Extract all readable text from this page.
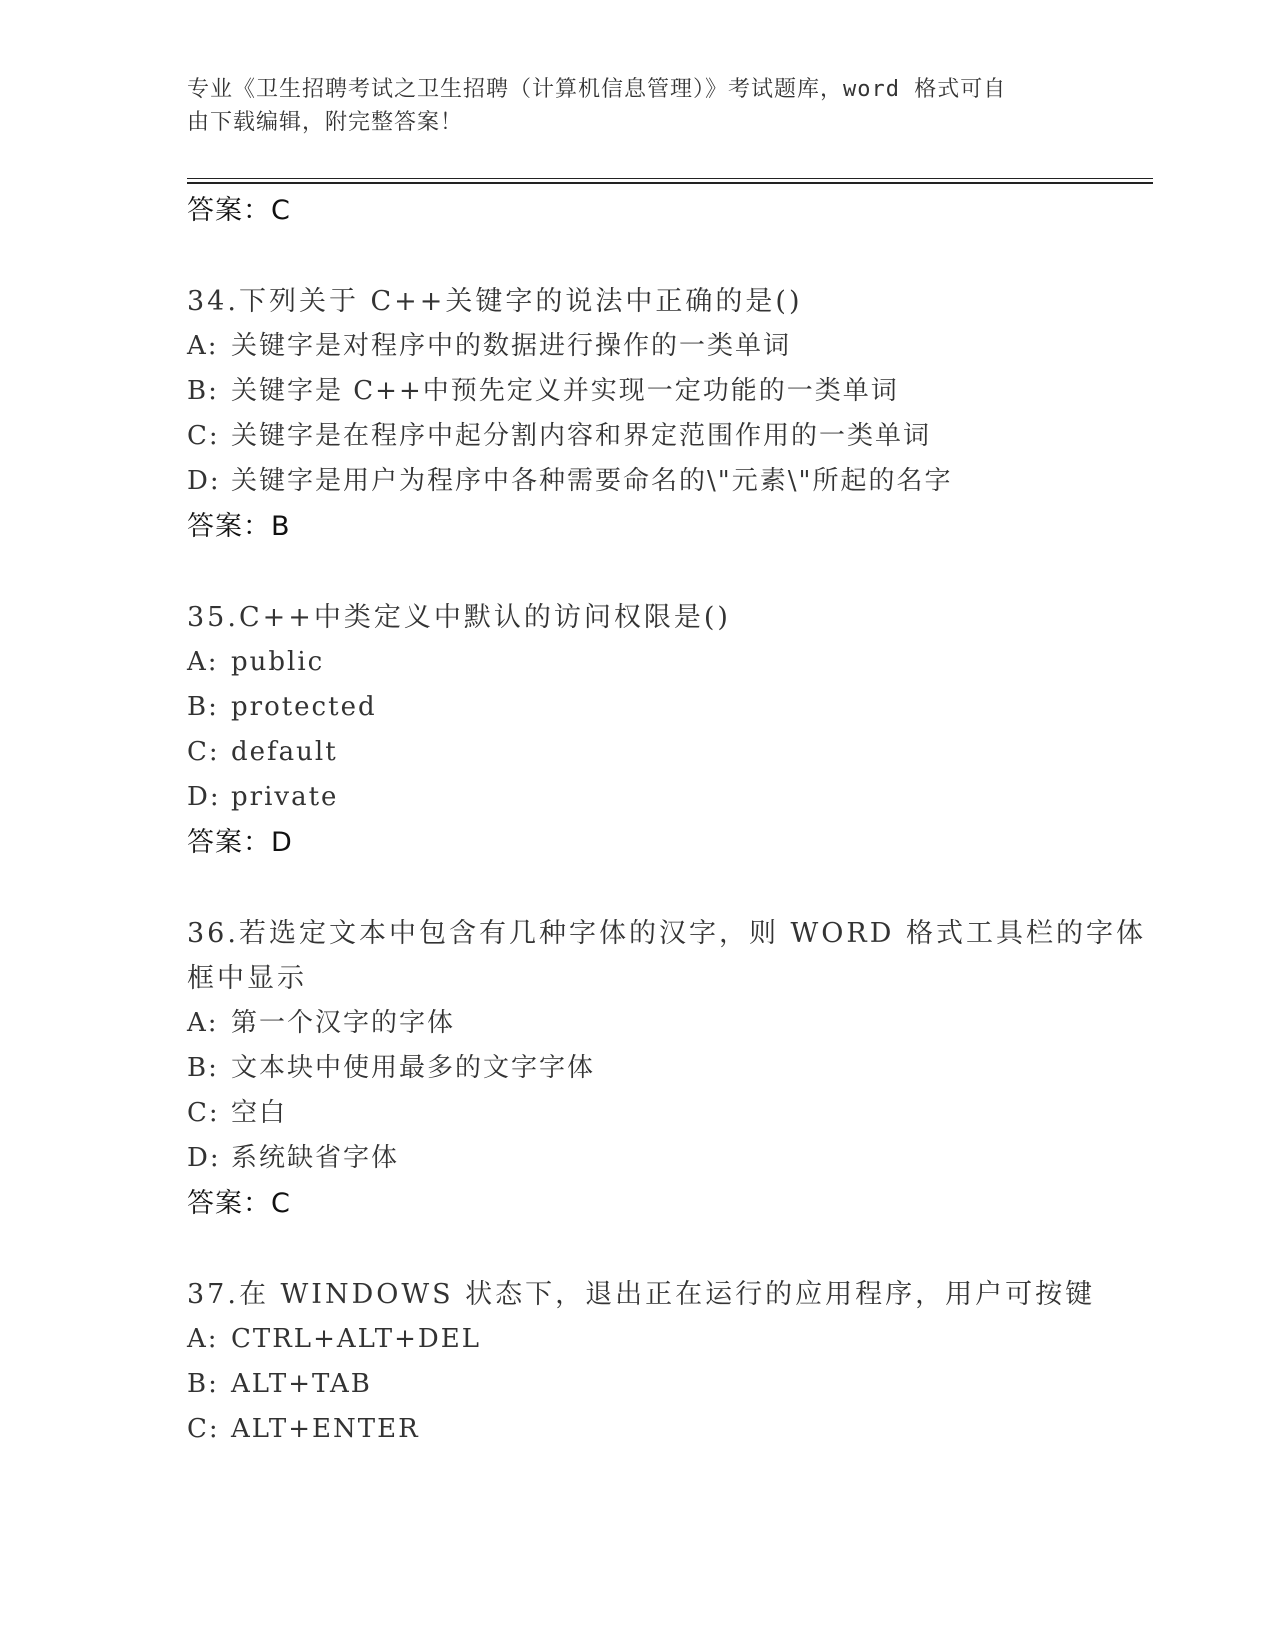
专业《卫生招聘考试之卫生招聘（计算机信息管理）》考试题库，word 格式可自
由下载编辑，附完整答案！
答案：C
34.下列关于 C++关键字的说法中正确的是()
A: 关键字是对程序中的数据进行操作的一类单词
B: 关键字是 C++中预先定义并实现一定功能的一类单词
C: 关键字是在程序中起分割内容和界定范围作用的一类单词
D: 关键字是用户为程序中各种需要命名的\"元素\"所起的名字
答案：B
35.C++中类定义中默认的访问权限是()
A: public
B: protected
C: default
D: private
答案：D
36.若选定文本中包含有几种字体的汉字，则 WORD 格式工具栏的字体
框中显示
A: 第一个汉字的字体
B: 文本块中使用最多的文字字体
C: 空白
D: 系统缺省字体
答案：C
37.在 WINDOWS 状态下，退出正在运行的应用程序，用户可按键
A: CTRL+ALT+DEL
B: ALT+TAB
C: ALT+ENTER
